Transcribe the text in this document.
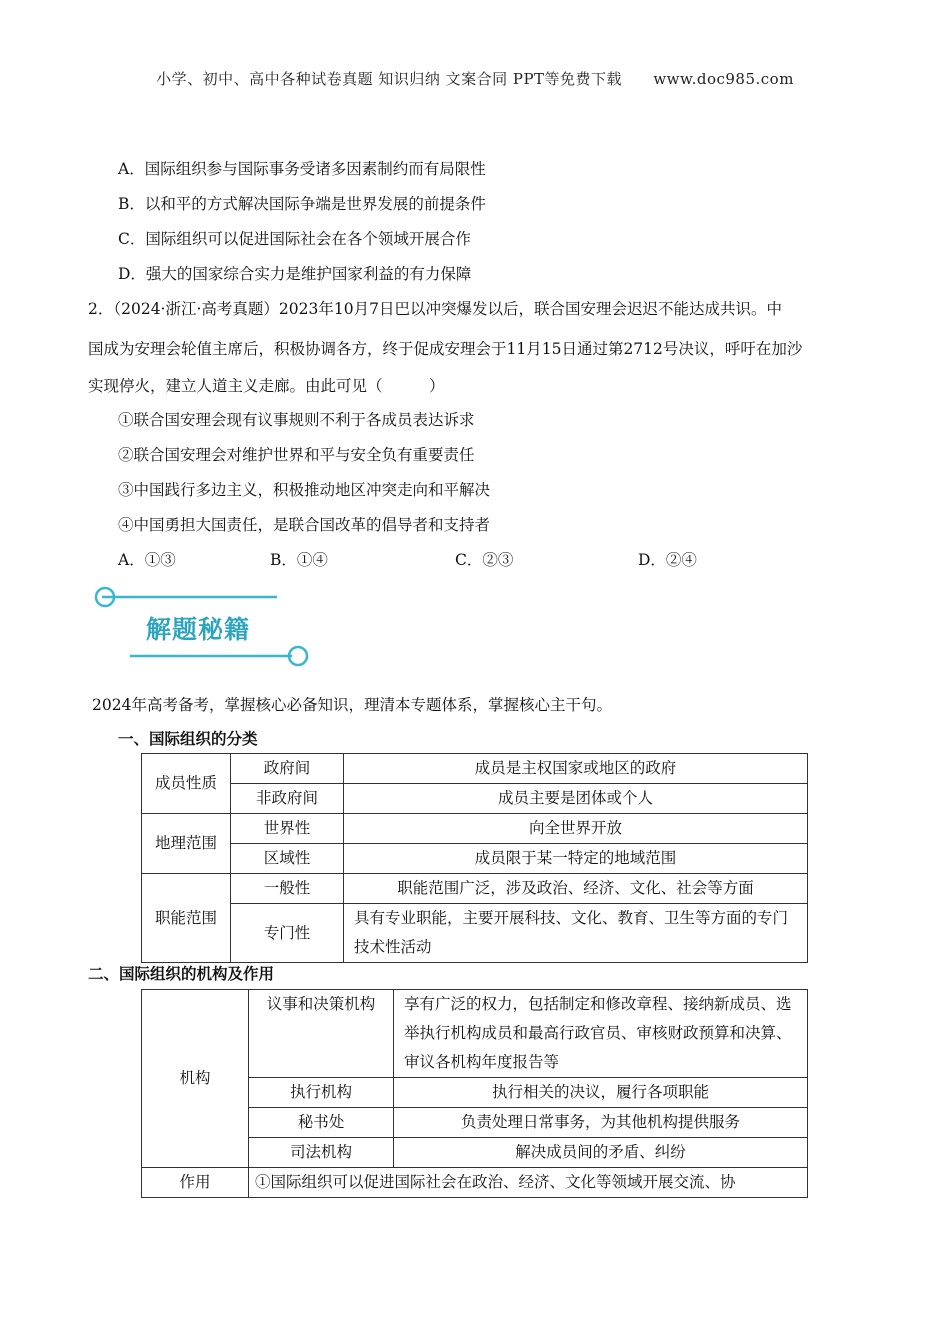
小学、初中、高中各种试卷真题 知识归纳 文案合同 PPT等免费下载 www.doc985.com
A．国际组织参与国际事务受诸多因素制约而有局限性
B．以和平的方式解决国际争端是世界发展的前提条件
C．国际组织可以促进国际社会在各个领域开展合作
D．强大的国家综合实力是维护国家利益的有力保障
2．（2024·浙江·高考真题）2023年10月7日巴以冲突爆发以后，联合国安理会迟迟不能达成共识。中
国成为安理会轮值主席后，积极协调各方，终于促成安理会于11月15日通过第2712号决议，呼吁在加沙
实现停火，建立人道主义走廊。由此可见（　　　）
①联合国安理会现有议事规则不利于各成员表达诉求
②联合国安理会对维护世界和平与安全负有重要责任
③中国践行多边主义，积极推动地区冲突走向和平解决
④中国勇担大国责任，是联合国改革的倡导者和支持者
A．①③	B．①④	C．②③	D．②④
解题秘籍
2024年高考备考，掌握核心必备知识，理清本专题体系，掌握核心主干句。
一、国际组织的分类
成员性质	政府间	成员是主权国家或地区的政府
	非政府间	成员主要是团体或个人
地理范围	世界性	向全世界开放
	区域性	成员限于某一特定的地域范围
职能范围	一般性	职能范围广泛，涉及政治、经济、文化、社会等方面
	专门性	具有专业职能，主要开展科技、文化、教育、卫生等方面的专门技术性活动
二、国际组织的机构及作用
机构	议事和决策机构	享有广泛的权力，包括制定和修改章程、接纳新成员、选举执行机构成员和最高行政官员、审核财政预算和决算、审议各机构年度报告等
	执行机构	执行相关的决议，履行各项职能
	秘书处	负责处理日常事务，为其他机构提供服务
	司法机构	解决成员间的矛盾、纠纷
作用	①国际组织可以促进国际社会在政治、经济、文化等领域开展交流、协	
